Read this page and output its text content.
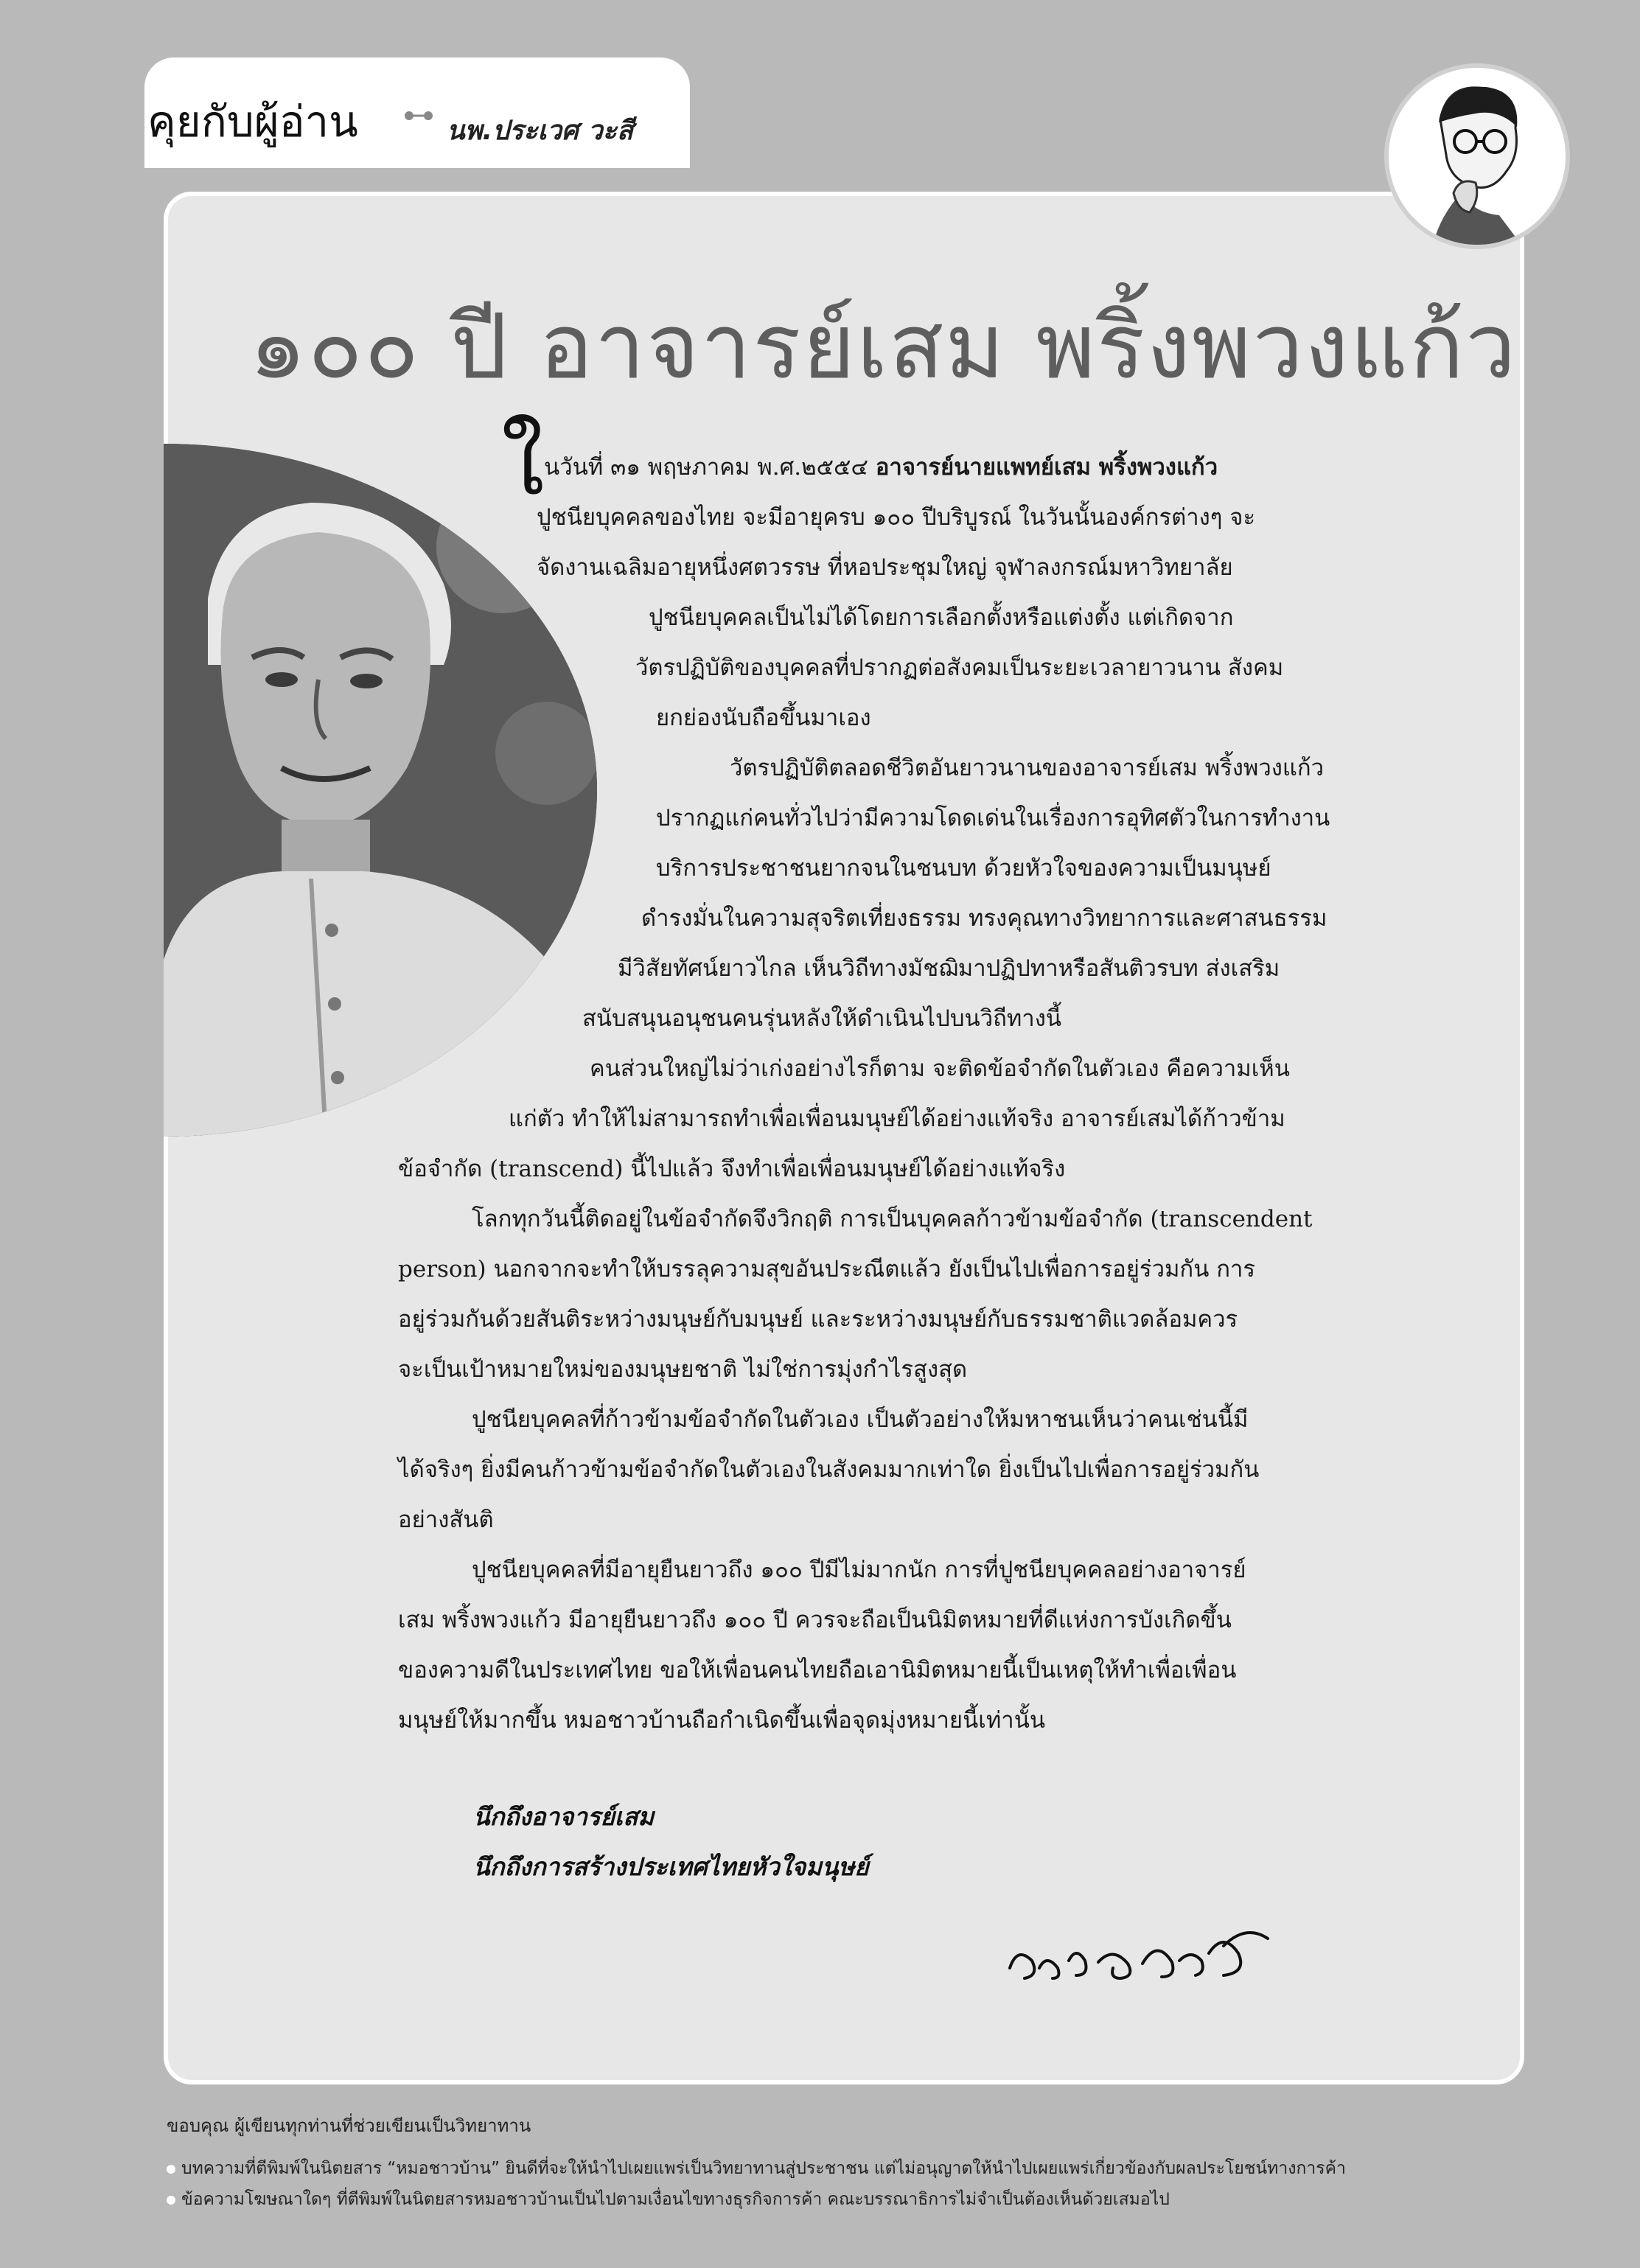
คุยกับผู้อ่าน	นพ.ประเวศ วะสี
๑๐๐ ปี อาจารย์เสม พริ้งพวงแก้ว
ใ นวันที่ ๓๑ พฤษภาคม พ.ศ.๒๕๕๔ อาจารย์นายแพทย์เสม พริ้งพวงแก้ว
ปูชนียบุคคลของไทย จะมีอายุครบ ๑๐๐ ปีบริบูรณ์ ในวันนั้นองค์กรต่างๆ จะ
จัดงานเฉลิมอายุหนึ่งศตวรรษ ที่หอประชุมใหญ่ จุฬาลงกรณ์มหาวิทยาลัย
ปูชนียบุคคลเป็นไม่ได้โดยการเลือกตั้งหรือแต่งตั้ง แต่เกิดจาก
วัตรปฏิบัติของบุคคลที่ปรากฏต่อสังคมเป็นระยะเวลายาวนาน สังคม
ยกย่องนับถือขึ้นมาเอง
วัตรปฏิบัติตลอดชีวิตอันยาวนานของอาจารย์เสม พริ้งพวงแก้ว
ปรากฏแก่คนทั่วไปว่ามีความโดดเด่นในเรื่องการอุทิศตัวในการทำงาน
บริการประชาชนยากจนในชนบท ด้วยหัวใจของความเป็นมนุษย์
ดำรงมั่นในความสุจริตเที่ยงธรรม ทรงคุณทางวิทยาการและศาสนธรรม
มีวิสัยทัศน์ยาวไกล เห็นวิถีทางมัชฌิมาปฏิปทาหรือสันติวรบท ส่งเสริม
สนับสนุนอนุชนคนรุ่นหลังให้ดำเนินไปบนวิถีทางนี้
คนส่วนใหญ่ไม่ว่าเก่งอย่างไรก็ตาม จะติดข้อจำกัดในตัวเอง คือความเห็น
แก่ตัว ทำให้ไม่สามารถทำเพื่อเพื่อนมนุษย์ได้อย่างแท้จริง อาจารย์เสมได้ก้าวข้าม
ข้อจำกัด (transcend) นี้ไปแล้ว จึงทำเพื่อเพื่อนมนุษย์ได้อย่างแท้จริง
โลกทุกวันนี้ติดอยู่ในข้อจำกัดจึงวิกฤติ การเป็นบุคคลก้าวข้ามข้อจำกัด (transcendent
person) นอกจากจะทำให้บรรลุความสุขอันประณีตแล้ว ยังเป็นไปเพื่อการอยู่ร่วมกัน การ
อยู่ร่วมกันด้วยสันติระหว่างมนุษย์กับมนุษย์ และระหว่างมนุษย์กับธรรมชาติแวดล้อมควร
จะเป็นเป้าหมายใหม่ของมนุษยชาติ ไม่ใช่การมุ่งกำไรสูงสุด
ปูชนียบุคคลที่ก้าวข้ามข้อจำกัดในตัวเอง เป็นตัวอย่างให้มหาชนเห็นว่าคนเช่นนี้มี
ได้จริงๆ ยิ่งมีคนก้าวข้ามข้อจำกัดในตัวเองในสังคมมากเท่าใด ยิ่งเป็นไปเพื่อการอยู่ร่วมกัน
อย่างสันติ
ปูชนียบุคคลที่มีอายุยืนยาวถึง ๑๐๐ ปีมีไม่มากนัก การที่ปูชนียบุคคลอย่างอาจารย์
เสม พริ้งพวงแก้ว มีอายุยืนยาวถึง ๑๐๐ ปี ควรจะถือเป็นนิมิตหมายที่ดีแห่งการบังเกิดขึ้น
ของความดีในประเทศไทย ขอให้เพื่อนคนไทยถือเอานิมิตหมายนี้เป็นเหตุให้ทำเพื่อเพื่อน
มนุษย์ให้มากขึ้น หมอชาวบ้านถือกำเนิดขึ้นเพื่อจุดมุ่งหมายนี้เท่านั้น
นึกถึงอาจารย์เสม
นึกถึงการสร้างประเทศไทยหัวใจมนุษย์
ขอบคุณ ผู้เขียนทุกท่านที่ช่วยเขียนเป็นวิทยาทาน
บทความที่ตีพิมพ์ในนิตยสาร “หมอชาวบ้าน” ยินดีที่จะให้นำไปเผยแพร่เป็นวิทยาทานสู่ประชาชน แต่ไม่อนุญาตให้นำไปเผยแพร่เกี่ยวข้องกับผลประโยชน์ทางการค้า
ข้อความโฆษณาใดๆ ที่ตีพิมพ์ในนิตยสารหมอชาวบ้านเป็นไปตามเงื่อนไขทางธุรกิจการค้า คณะบรรณาธิการไม่จำเป็นต้องเห็นด้วยเสมอไป
